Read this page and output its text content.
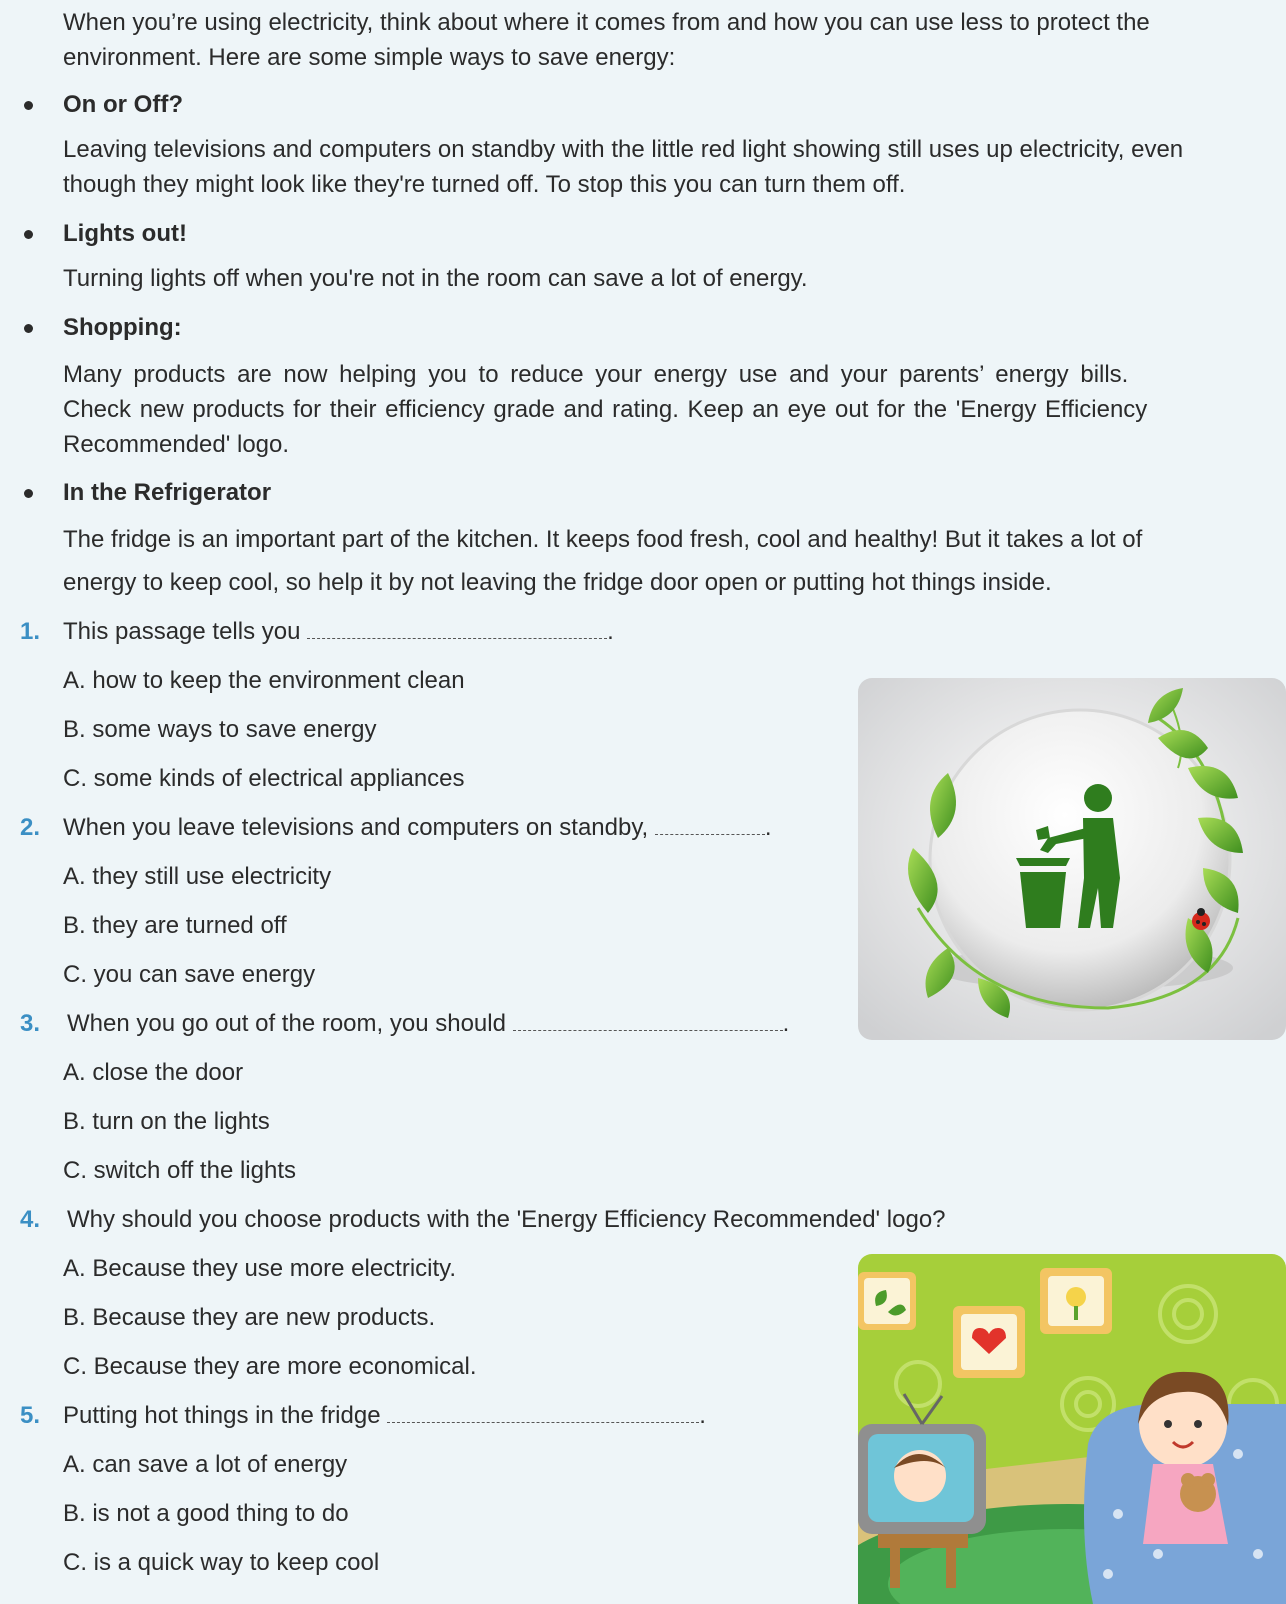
When you’re using electricity, think about where it comes from and how you can use less to protect the
environment. Here are some simple ways to save energy:
On or Off?
Leaving televisions and computers on standby with the little red light showing still uses up electricity, even
though they might look like they're turned off. To stop this you can turn them off.
Lights out!
Turning lights off when you're not in the room can save a lot of energy.
Shopping:
Many products are now helping you to reduce your energy use and your parents’ energy bills.
Check new products for their efficiency grade and rating. Keep an eye out for the 'Energy Efficiency
Recommended' logo.
In the Refrigerator
The fridge is an important part of the kitchen. It keeps food fresh, cool and healthy! But it takes a lot of
energy to keep cool, so help it by not leaving the fridge door open or putting hot things inside.
1. This passage tells you	.
A. how to keep the environment clean
B. some ways to save energy
C. some kinds of electrical appliances
2. When you leave televisions and computers on standby,	.
A. they still use electricity
B. they are turned off
C. you can save energy
3. When you go out of the room, you should	.
A. close the door
B. turn on the lights
C. switch off the lights
4. Why should you choose products with the 'Energy Efficiency Recommended' logo?
A. Because they use more electricity.
B. Because they are new products.
C. Because they are more economical.
5. Putting hot things in the fridge	.
A. can save a lot of energy
B. is not a good thing to do
C. is a quick way to keep cool
